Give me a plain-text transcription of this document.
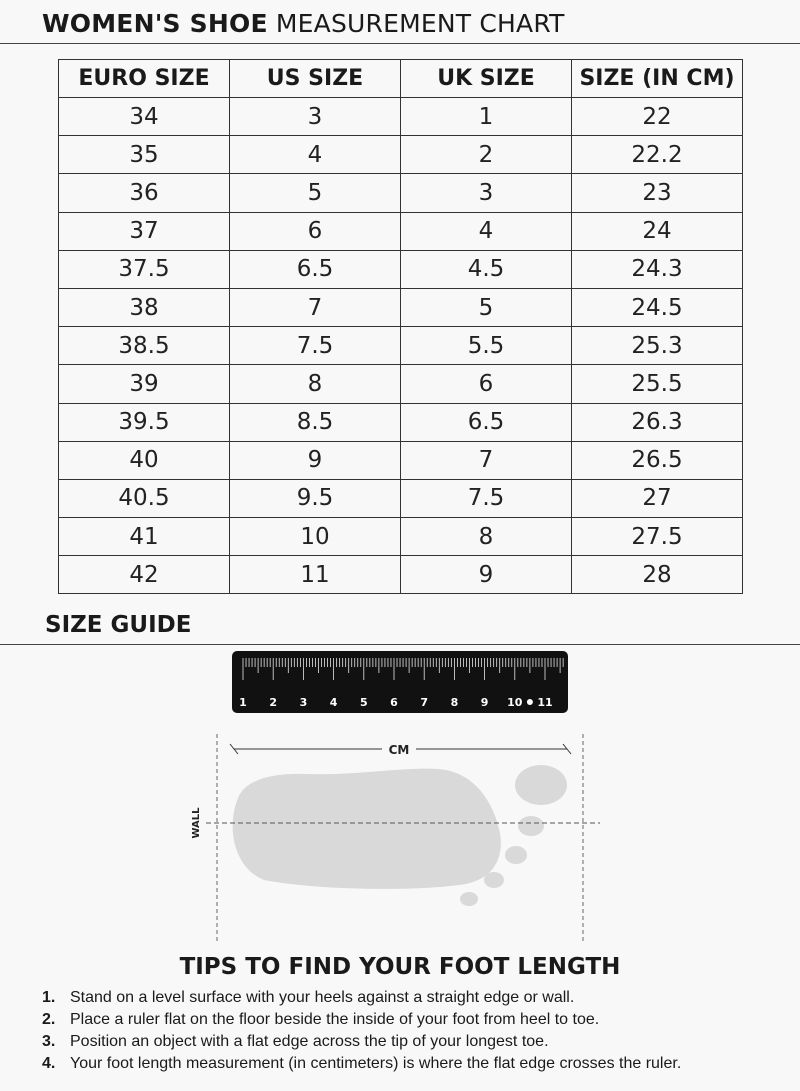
WOMEN'S SHOE MEASUREMENT CHART
EURO SIZE	US SIZE	UK SIZE	SIZE (IN CM)
34	3	1	22
35	4	2	22.2
36	5	3	23
37	6	4	24
37.5	6.5	4.5	24.3
38	7	5	24.5
38.5	7.5	5.5	25.3
39	8	6	25.5
39.5	8.5	6.5	26.3
40	9	7	26.5
40.5	9.5	7.5	27
41	10	8	27.5
42	11	9	28
SIZE GUIDE
1 2 3 4 5 6 7 8 9 10 11
CM
WALL
TIPS TO FIND YOUR FOOT LENGTH
1. Stand on a level surface with your heels against a straight edge or wall.
2. Place a ruler flat on the floor beside the inside of your foot from heel to toe.
3. Position an object with a flat edge across the tip of your longest toe.
4. Your foot length measurement (in centimeters) is where the flat edge crosses the ruler.
